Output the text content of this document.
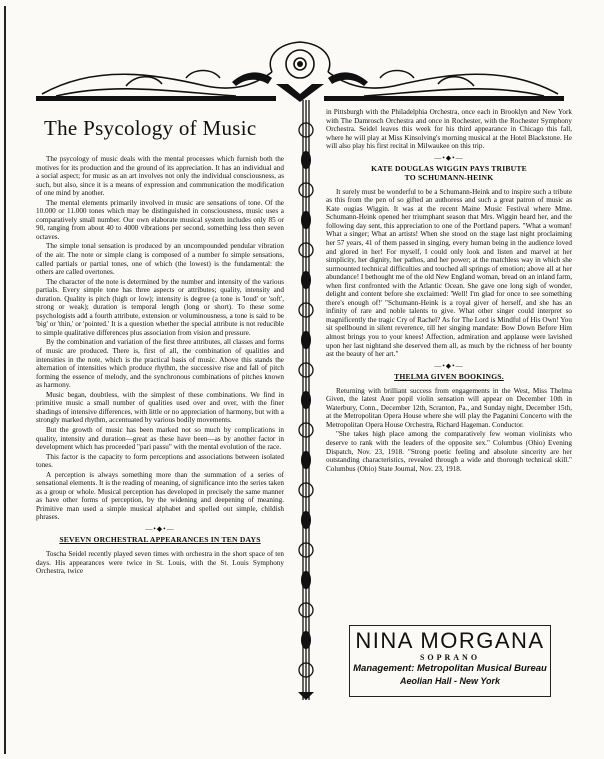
The Psycology of Music

The psycology of music deals with the mental processes which furnish both the motives for its production and the ground of its appreciation. It has an individual and a social aspect; for music as an art involves not only the individual consciousness, as such, but also, since it is a means of expression and communication the modification of one mind by another.

The mental elements primarily involved in music are sensations of tone. Of the 10.000 or 11.000 tones which may be distinguished in consciousness, music uses a comparatively small number. Our own elaborate musical system includes only 85 or 90, ranging from about 40 to 4000 vibrations per second, something less then seven octaves.

The simple tonal sensation is produced by an uncompounded pendular vibration of the air. The note or simple clang is composed of a number fo simple sensations, called partials or partial tones, one of which (the lowest) is the fundamental: the others are called overtones.

The character of the note is determined by the number and intensity of the various partials. Every simple tone has three aspects or attributes; quality, intensity and duration. Quality is pitch (high or low); intensity is degree (a tone is 'loud' or 'soft', strong or weak); duration is temporal length (long or short). To these some psychologists add a fourth attribute, extension or voluminousness, a tone is said to be 'big' or 'thin,' or 'pointed.' It is a question whether the special attribute is not reducible to simple qualitative differences plus association from vision and pressure.

By the combination and variation of the first three attributes, all classes and forms of music are produced. There is, first of all, the combination of qualities and intensities in the note, which is the practical basis of music. Above this stands the alternation of intensities which produce rhythm, the successive rise and fall of pitch forming the essence of melody, and the synchronous combinations of pitches known as harmony.

Music began, doubtless, with the simplest of these combinations. We find in primitive music a small number of qualities used over and over, with the finer shadings of intensive differences, with little or no appreciation of harmony, but with a strongly marked rhythm, accentuated by various bodily movements.

But the growth of music has been marked not so much by complications in quality, intensity and duration—great as these have been—as by another factor in development which has proceeded "pari passu" with the mental evolution of the race.

This factor is the capacity to form perceptions and associations between isolated tones.

A perception is always something more than the summation of a series of sensational elements. It is the reading of meaning, of significance into the series taken as a group or whole. Musical perception has developed in precisely the same manner as have other forms of perception, by the widening and deepening of meaning. Primitive man used a simple musical alphabet and spelled out simple, childish phrases.

—•◆•—
SEVEVN ORCHESTRAL APPEARANCES IN TEN DAYS

Toscha Seidel recently played seven times with orchestra in the short space of ten days. His appearances were twice in St. Louis, with the St. Louis Symphony Orchestra, twice

in Pittsburgh with the Philadelphia Orchestra, once each in Brooklyn and New York with The Damrosch Orchestra and once in Rochester, with the Rochester Symphony Orchestra. Seidel leaves this week for his third appearance in Chicago this fall, where he will play at Miss Kinsolving's morning musical at the Hotel Blackstone. He will also play his first recital in Milwaukee on this trip.

—•◆•—
KATE DOUGLAS WIGGIN PAYS TRIBUTE
TO SCHUMANN-HEINK

It surely must be wonderful to be a Schumann-Heink and to inspire such a tribute as this from the pen of so gifted an authoress and such a great patron of music as Kate ougias Wiggin. It was at the recent Maine Music Festival where Mme. Schumann-Heink opened her triumphant season that Mrs. Wiggin heard her, and the following day sent, this appreciation to one of the Portland papers. "What a woman! What a singer; What an artists! When she stood on the stage last night proclaiming her 57 years, 41 of them passed in singing, every human being in the audience loved and glored in her! For myself, I could only look and listen and marvel at her simplicity, her dignity, her pathos, and her power; at the matchless way in which she surmounted technical difficulties and touched all springs of emotion; above all at her abundance! I bethought me of the old New England woman, bread on an inland farm, when first confronted with the Atlantic Ocean. She gave one long sigh of wonder, delight and content before she exclaimed: 'Well! I'm glad for once to see something there's enough of!' "Schumann-Heink is a royal giver of herself, and she has an infinity of rare and noble talents to give. What other singer could interpret so magnificently the tragic Cry of Rachel? As for The Lord is Mindful of His Own! You sit spellbound in silent reverence, till her singing mandate: Bow Down Before Him almost brings you to your knees! Affection, admiration and applause were lavished upon her last nightand she deserved them all, as much by the richness of her bounty ast the beauty of her art."

—•◆•—
THELMA GIVEN BOOKINGS.

Returning with brilliant success from engagements in the West, Miss Thelma Given, the latest Auer popil violin sensation will appear on December 10th in Waterbury, Conn., December 12th, Scranton, Pa., and Sunday night, December 15th, at the Metropolitan Opera House where she will play the Paganini Concerto with the Metropolitan Opera House Orchestra, Richard Hageman. Conductor.

"She takes high place among the comparatively few woman violinists who deserve to rank with the leaders of the opposite sex." Columbus (Ohio) Evening Dispatch, Nov. 23, 1918. "Strong poetic feeling and absolute sincerity are her outstanding characteristics, revealed through a wide and thorough technical skill." Columbus (Ohio) State Journal, Nov. 23, 1918.

NINA MORGANA
SOPRANO
Management: Metropolitan Musical Bureau
Aeolian Hall - New York
